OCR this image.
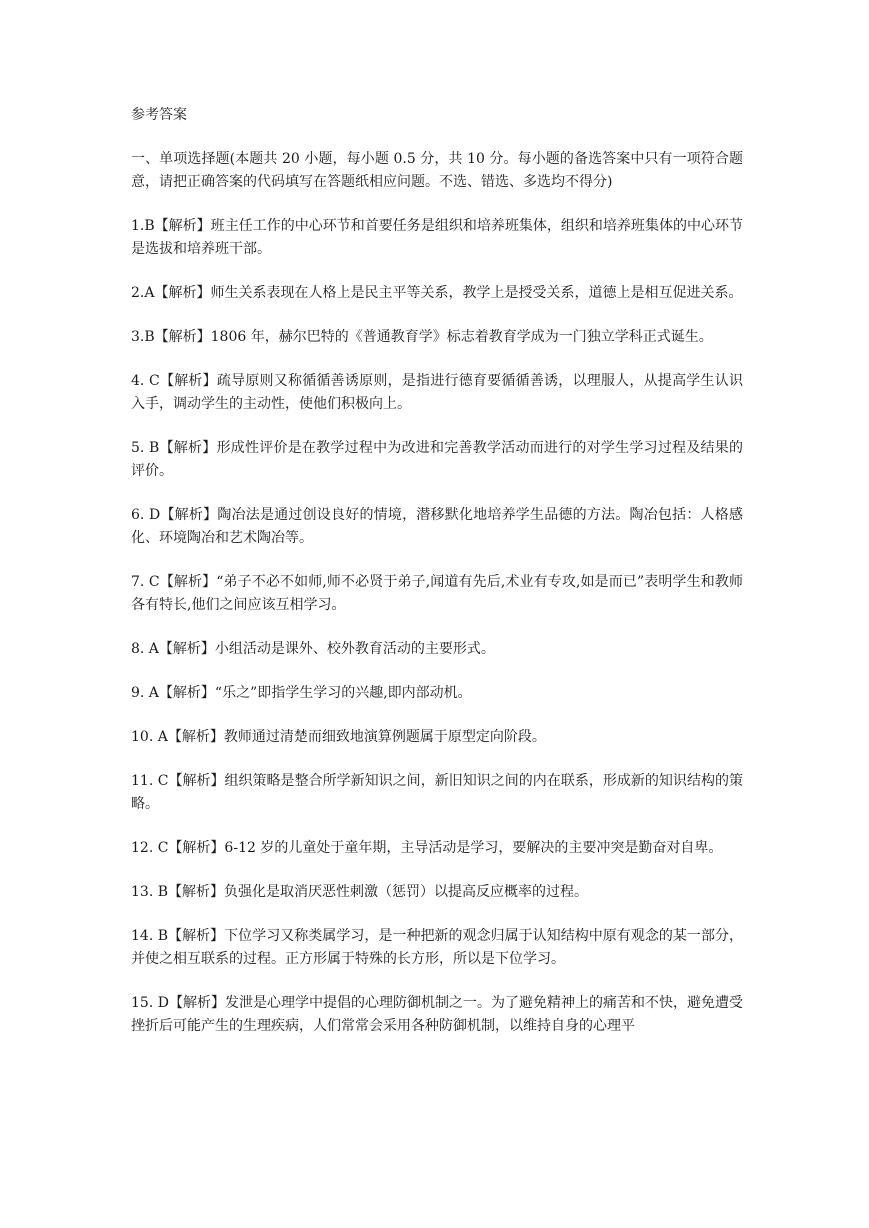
参考答案
一、单项选择题(本题共 20 小题，每小题 0.5 分，共 10 分。每小题的备选答案中只有一项符合题意，请把正确答案的代码填写在答题纸相应问题。不选、错选、多选均不得分)
1.B【解析】班主任工作的中心环节和首要任务是组织和培养班集体，组织和培养班集体的中心环节是选拔和培养班干部。
2.A【解析】师生关系表现在人格上是民主平等关系，教学上是授受关系，道德上是相互促进关系。
3.B【解析】1806 年，赫尔巴特的《普通教育学》标志着教育学成为一门独立学科正式诞生。
4. C【解析】疏导原则又称循循善诱原则，是指进行德育要循循善诱，以理服人，从提高学生认识入手，调动学生的主动性，使他们积极向上。
5. B【解析】形成性评价是在教学过程中为改进和完善教学活动而进行的对学生学习过程及结果的评价。
6. D【解析】陶冶法是通过创设良好的情境，潜移默化地培养学生品德的方法。陶冶包括：人格感化、环境陶冶和艺术陶冶等。
7. C【解析】“弟子不必不如师,师不必贤于弟子,闻道有先后,术业有专攻,如是而已”表明学生和教师各有特长,他们之间应该互相学习。
8. A【解析】小组活动是课外、校外教育活动的主要形式。
9. A【解析】“乐之”即指学生学习的兴趣,即内部动机。
10. A【解析】教师通过清楚而细致地演算例题属于原型定向阶段。
11. C【解析】组织策略是整合所学新知识之间，新旧知识之间的内在联系，形成新的知识结构的策略。
12. C【解析】6-12 岁的儿童处于童年期，主导活动是学习，要解决的主要冲突是勤奋对自卑。
13. B【解析】负强化是取消厌恶性刺激（惩罚）以提高反应概率的过程。
14. B【解析】下位学习又称类属学习，是一种把新的观念归属于认知结构中原有观念的某一部分，并使之相互联系的过程。正方形属于特殊的长方形，所以是下位学习。
15. D【解析】发泄是心理学中提倡的心理防御机制之一。为了避免精神上的痛苦和不快，避免遭受挫折后可能产生的生理疾病，人们常常会采用各种防御机制，以维持自身的心理平
